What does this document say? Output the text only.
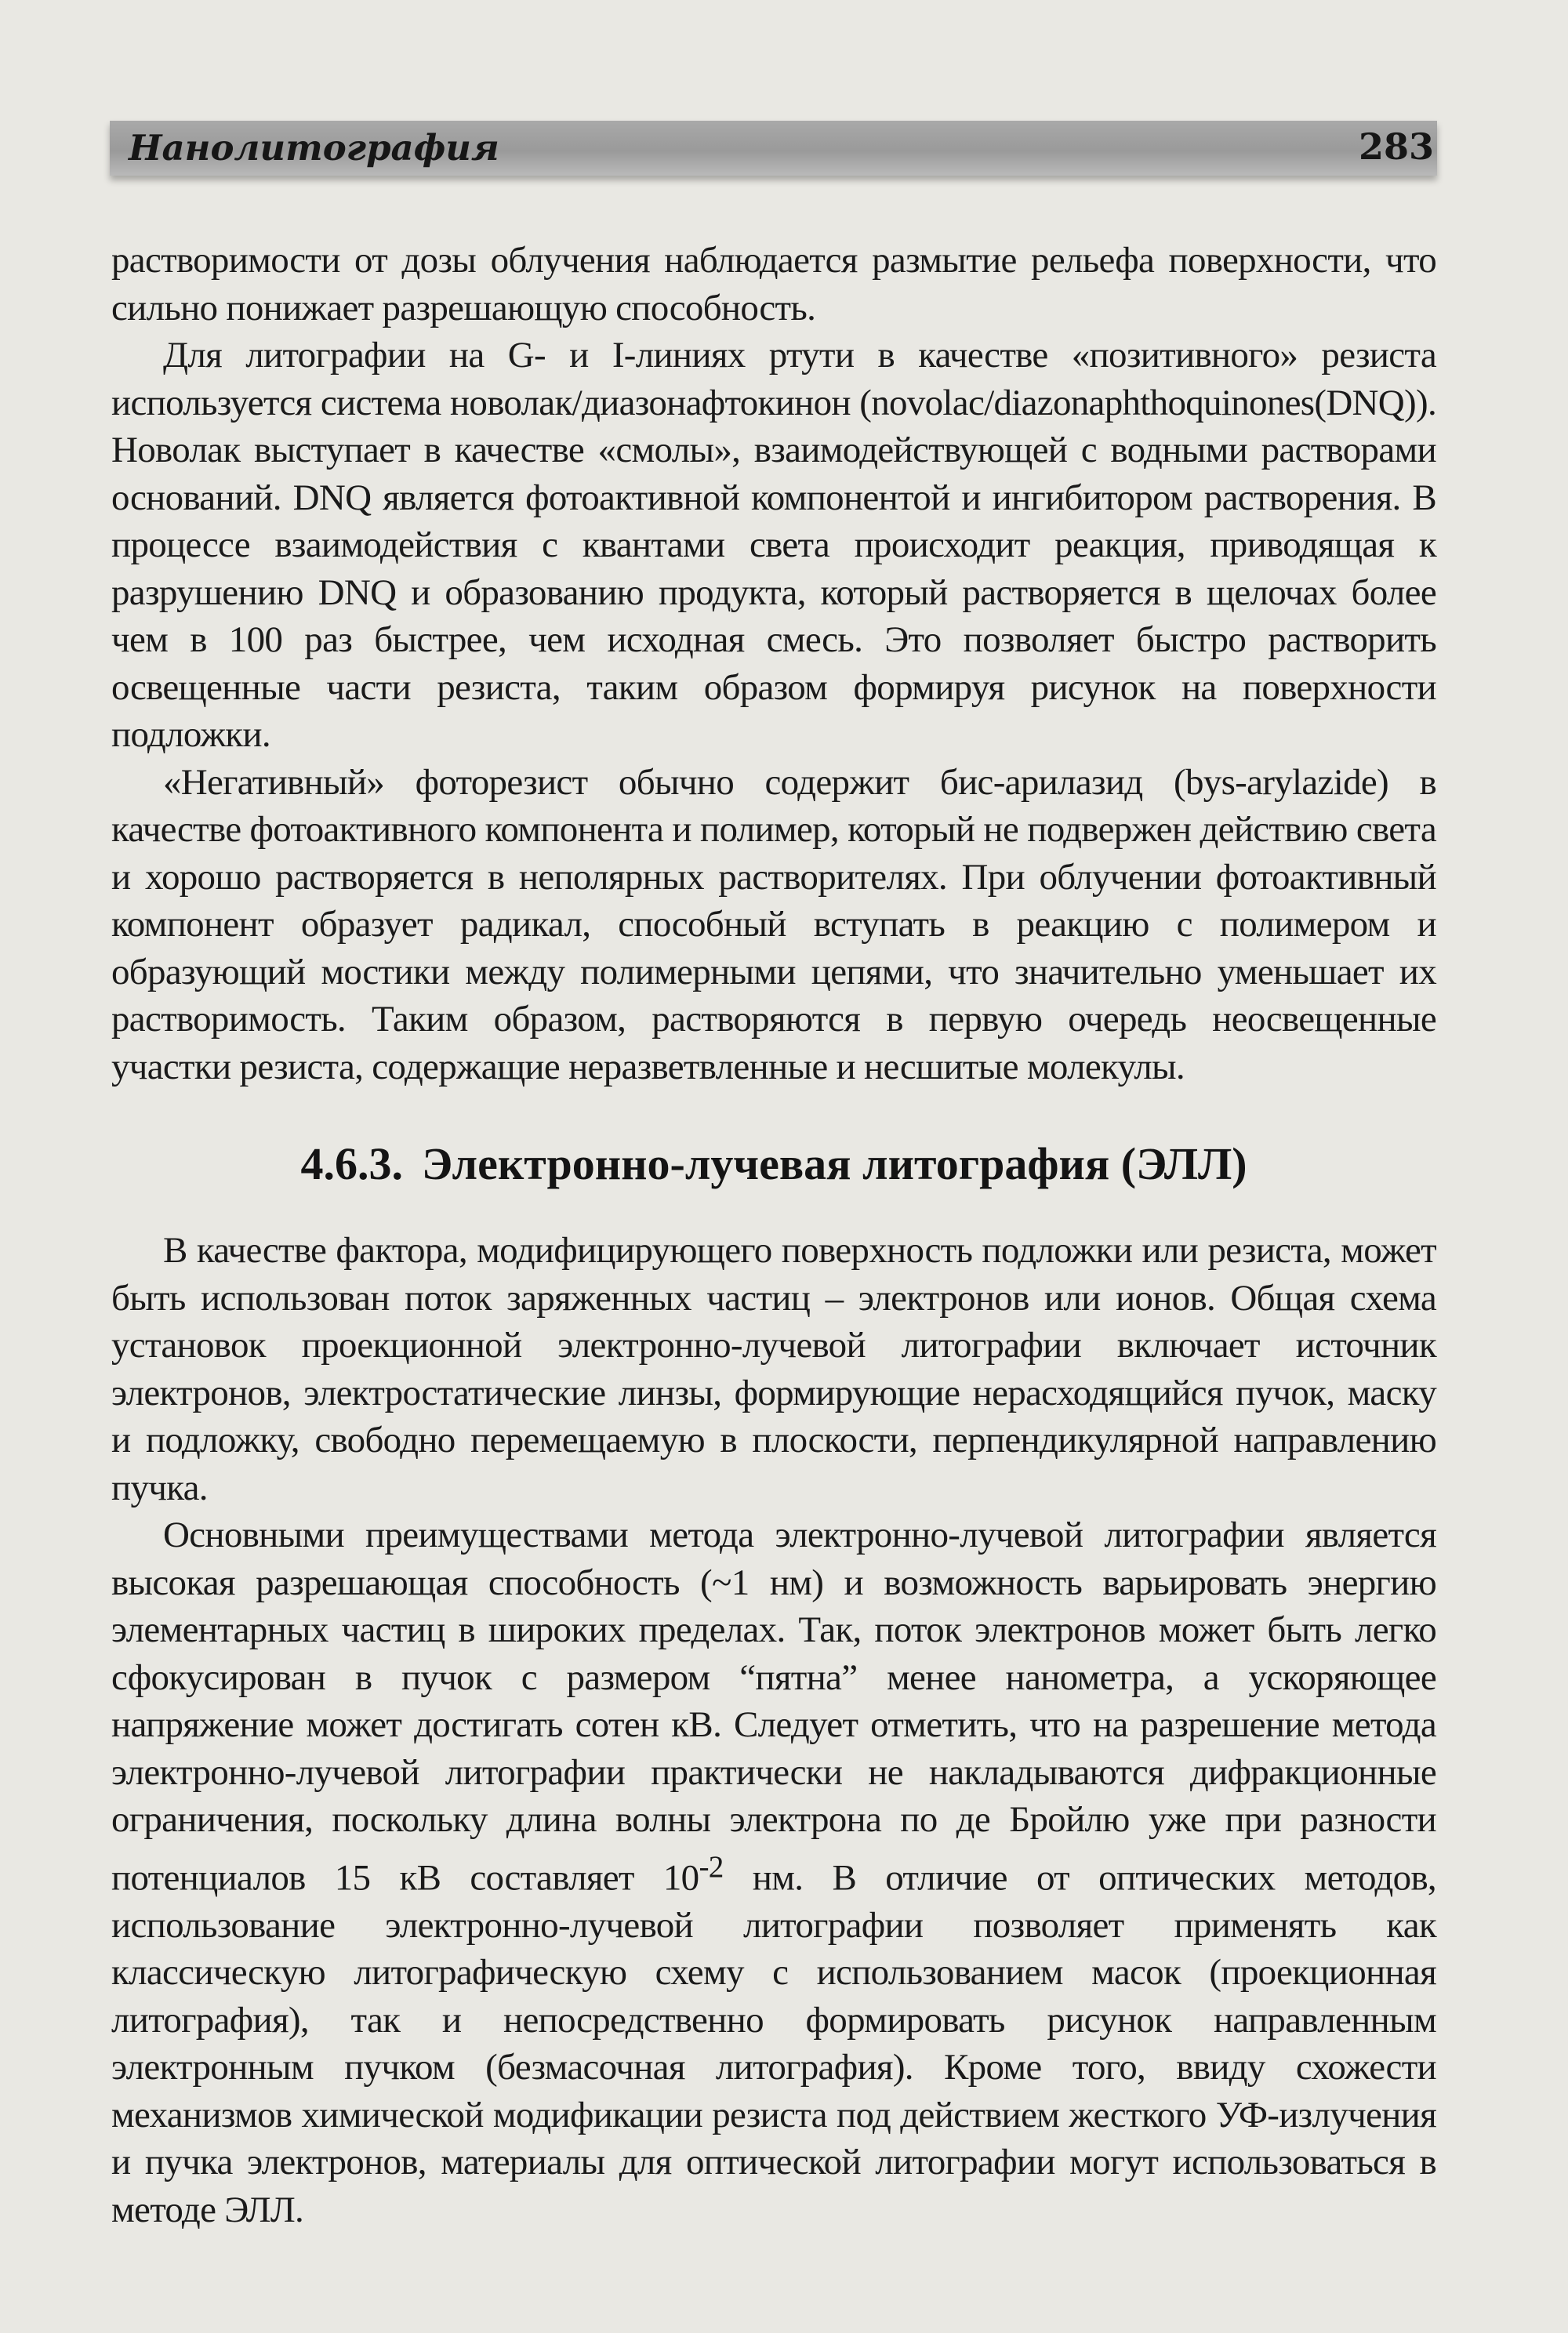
Нанолитография	283

растворимости от дозы облучения наблюдается размытие рельефа поверхности, что сильно понижает разрешающую способность.

Для литографии на G- и I-линиях ртути в качестве «позитивного» резиста используется система новолак/диазонафтокинон (novolac/diazonaphthoquinones(DNQ)). Новолак выступает в качестве «смолы», взаимодействующей с водными растворами оснований. DNQ является фотоактивной компонентой и ингибитором растворения. В процессе взаимодействия с квантами света происходит реакция, приводящая к разрушению DNQ и образованию продукта, который растворяется в щелочах более чем в 100 раз быстрее, чем исходная смесь. Это позволяет быстро растворить освещенные части резиста, таким образом формируя рисунок на поверхности подложки.

«Негативный» фоторезист обычно содержит бис-арилазид (bys-arylazide) в качестве фотоактивного компонента и полимер, который не подвержен действию света и хорошо растворяется в неполярных растворителях. При облучении фотоактивный компонент образует радикал, способный вступать в реакцию с полимером и образующий мостики между полимерными цепями, что значительно уменьшает их растворимость. Таким образом, растворяются в первую очередь неосвещенные участки резиста, содержащие неразветвленные и несшитые молекулы.

4.6.3. Электронно-лучевая литография (ЭЛЛ)

В качестве фактора, модифицирующего поверхность подложки или резиста, может быть использован поток заряженных частиц – электронов или ионов. Общая схема установок проекционной электронно-лучевой литографии включает источник электронов, электростатические линзы, формирующие нерасходящийся пучок, маску и подложку, свободно перемещаемую в плоскости, перпендикулярной направлению пучка.

Основными преимуществами метода электронно-лучевой литографии является высокая разрешающая способность (~1 нм) и возможность варьировать энергию элементарных частиц в широких пределах. Так, поток электронов может быть легко сфокусирован в пучок с размером “пятна” менее нанометра, а ускоряющее напряжение может достигать сотен кВ. Следует отметить, что на разрешение метода электронно-лучевой литографии практически не накладываются дифракционные ограничения, поскольку длина волны электрона по де Бройлю уже при разности потенциалов 15 кВ составляет $10^{-2}$ нм. В отличие от оптических методов, использование электронно-лучевой литографии позволяет применять как классическую литографическую схему с использованием масок (проекционная литография), так и непосредственно формировать рисунок направленным электронным пучком (безмасочная литография). Кроме того, ввиду схожести механизмов химической модификации резиста под действием жесткого УФ-излучения и пучка электронов, материалы для оптической литографии могут использоваться в методе ЭЛЛ.
